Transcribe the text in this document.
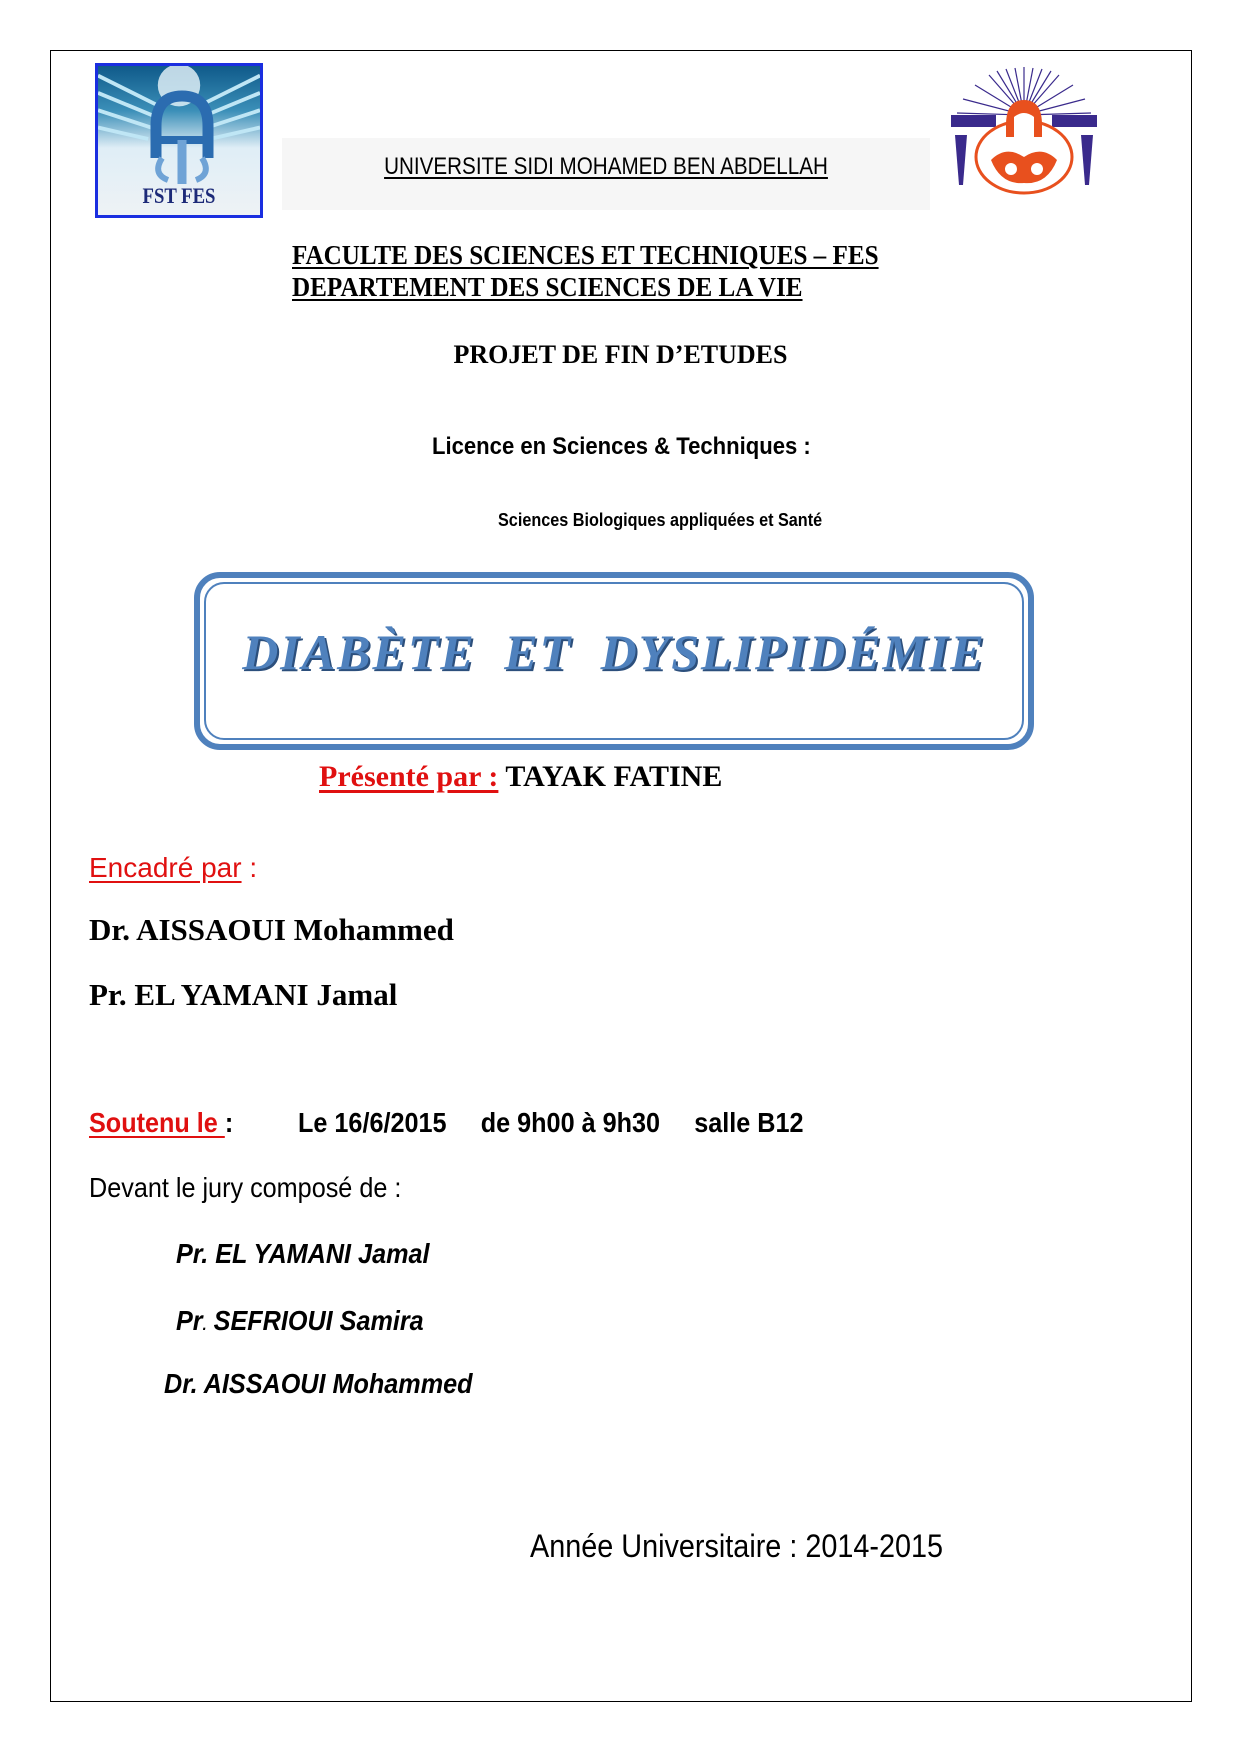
FST FES
UNIVERSITE SIDI MOHAMED BEN ABDELLAH
FACULTE DES SCIENCES ET TECHNIQUES – FES
DEPARTEMENT DES SCIENCES DE LA VIE
PROJET DE FIN D’ETUDES
Licence en Sciences & Techniques :
Sciences Biologiques appliquées et Santé
DIABÈTE ET DYSLIPIDÉMIE
Présenté par : TAYAK FATINE
Encadré par :
Dr. AISSAOUI Mohammed
Pr. EL YAMANI Jamal
Soutenu le : Le 16/6/2015 de 9h00 à 9h30 salle B12
Devant le jury composé de :
Pr. EL YAMANI Jamal
Pr. SEFRIOUI Samira
Dr. AISSAOUI Mohammed
Année Universitaire : 2014-2015
